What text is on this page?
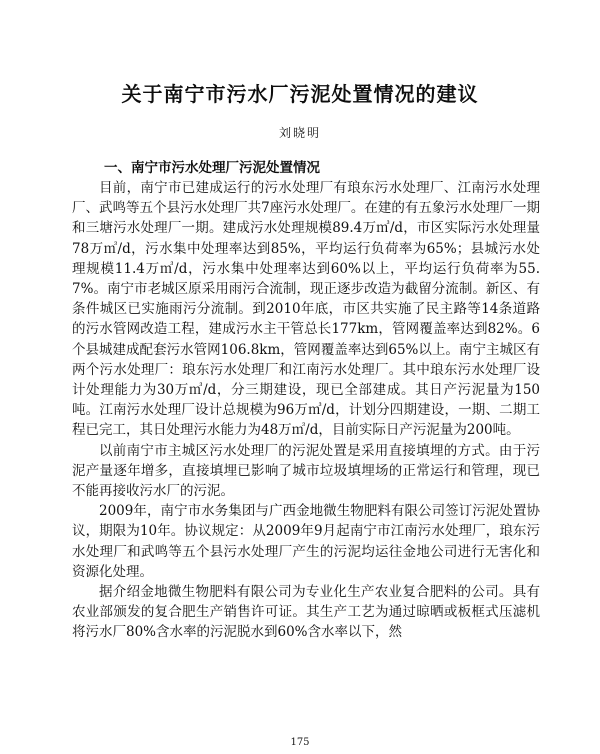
关于南宁市污水厂污泥处置情况的建议
刘晓明
一、南宁市污水处理厂污泥处置情况

目前，南宁市已建成运行的污水处理厂有琅东污水处理厂、江南污水处理厂、武鸣等五个县污水处理厂共7座污水处理厂。在建的有五象污水处理厂一期和三塘污水处理厂一期。建成污水处理规模89.4万㎥/d，市区实际污水处理量78万㎥/d，污水集中处理率达到85%，平均运行负荷率为65%；县城污水处理规模11.4万㎥/d，污水集中处理率达到60%以上，平均运行负荷率为55.7%。南宁市老城区原采用雨污合流制，现正逐步改造为截留分流制。新区、有条件城区已实施雨污分流制。到2010年底，市区共实施了民主路等14条道路的污水管网改造工程，建成污水主干管总长177km，管网覆盖率达到82%。6个县城建成配套污水管网106.8km，管网覆盖率达到65%以上。南宁主城区有两个污水处理厂：琅东污水处理厂和江南污水处理厂。其中琅东污水处理厂设计处理能力为30万㎥/d，分三期建设，现已全部建成。其日产污泥量为150吨。江南污水处理厂设计总规模为96万㎥/d，计划分四期建设，一期、二期工程已完工，其日处理污水能力为48万㎥/d，目前实际日产污泥量为200吨。

以前南宁市主城区污水处理厂的污泥处置是采用直接填埋的方式。由于污泥产量逐年增多，直接填埋已影响了城市垃圾填埋场的正常运行和管理，现已不能再接收污水厂的污泥。

2009年，南宁市水务集团与广西金地微生物肥料有限公司签订污泥处置协议，期限为10年。协议规定：从2009年9月起南宁市江南污水处理厂，琅东污水处理厂和武鸣等五个县污水处理厂产生的污泥均运往金地公司进行无害化和资源化处理。

据介绍金地微生物肥料有限公司为专业化生产农业复合肥料的公司。具有农业部颁发的复合肥生产销售许可证。其生产工艺为通过晾晒或板框式压滤机将污水厂80%含水率的污泥脱水到60%含水率以下，然

175
